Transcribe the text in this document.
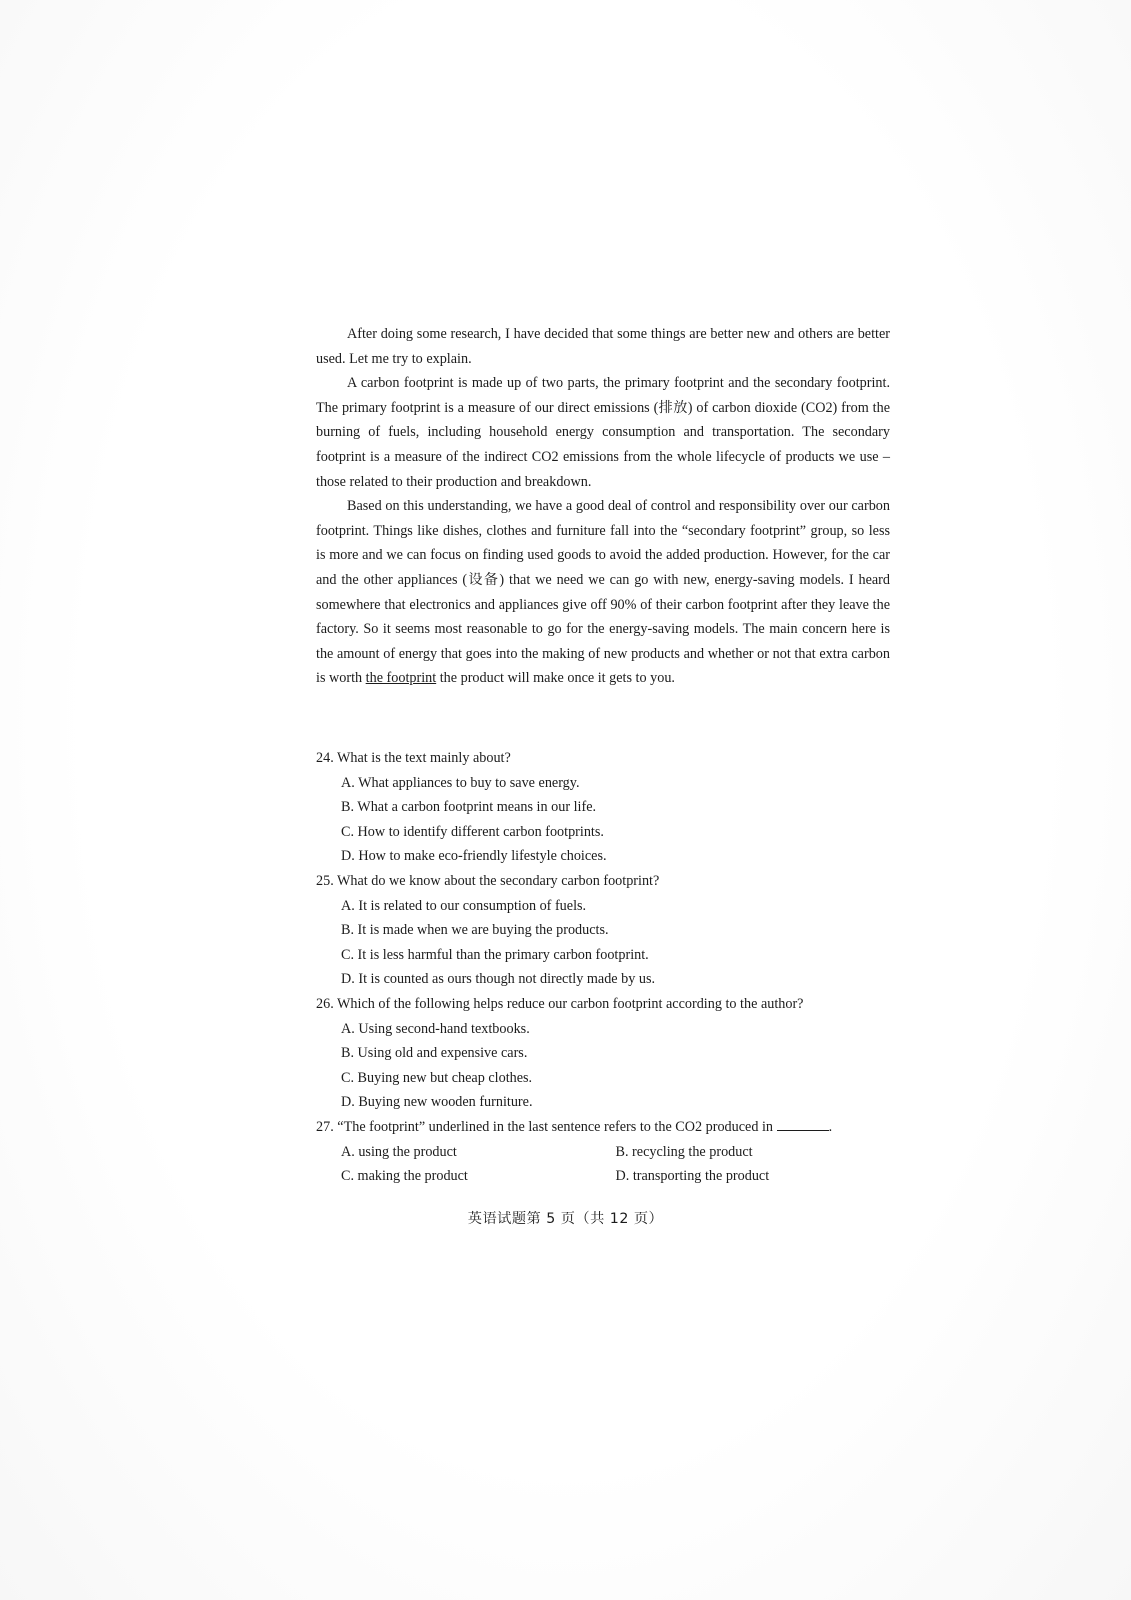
After doing some research, I have decided that some things are better new and others are better used. Let me try to explain.

A carbon footprint is made up of two parts, the primary footprint and the secondary footprint. The primary footprint is a measure of our direct emissions (排放) of carbon dioxide (CO2) from the burning of fuels, including household energy consumption and transportation. The secondary footprint is a measure of the indirect CO2 emissions from the whole lifecycle of products we use – those related to their production and breakdown.

Based on this understanding, we have a good deal of control and responsibility over our carbon footprint. Things like dishes, clothes and furniture fall into the “secondary footprint” group, so less is more and we can focus on finding used goods to avoid the added production. However, for the car and the other appliances (设备) that we need we can go with new, energy-saving models. I heard somewhere that electronics and appliances give off 90% of their carbon footprint after they leave the factory. So it seems most reasonable to go for the energy-saving models. The main concern here is the amount of energy that goes into the making of new products and whether or not that extra carbon is worth the footprint the product will make once it gets to you.

24. What is the text mainly about?

A. What appliances to buy to save energy.

B. What a carbon footprint means in our life.

C. How to identify different carbon footprints.

D. How to make eco-friendly lifestyle choices.

25. What do we know about the secondary carbon footprint?

A. It is related to our consumption of fuels.

B. It is made when we are buying the products.

C. It is less harmful than the primary carbon footprint.

D. It is counted as ours though not directly made by us.

26. Which of the following helps reduce our carbon footprint according to the author?

A. Using second-hand textbooks.

B. Using old and expensive cars.

C. Buying new but cheap clothes.

D. Buying new wooden furniture.

27. “The footprint” underlined in the last sentence refers to the CO2 produced in	.

A. using the product	B. recycling the product
C. making the product	D. transporting the product
英语试题第 5 页（共 12 页）
